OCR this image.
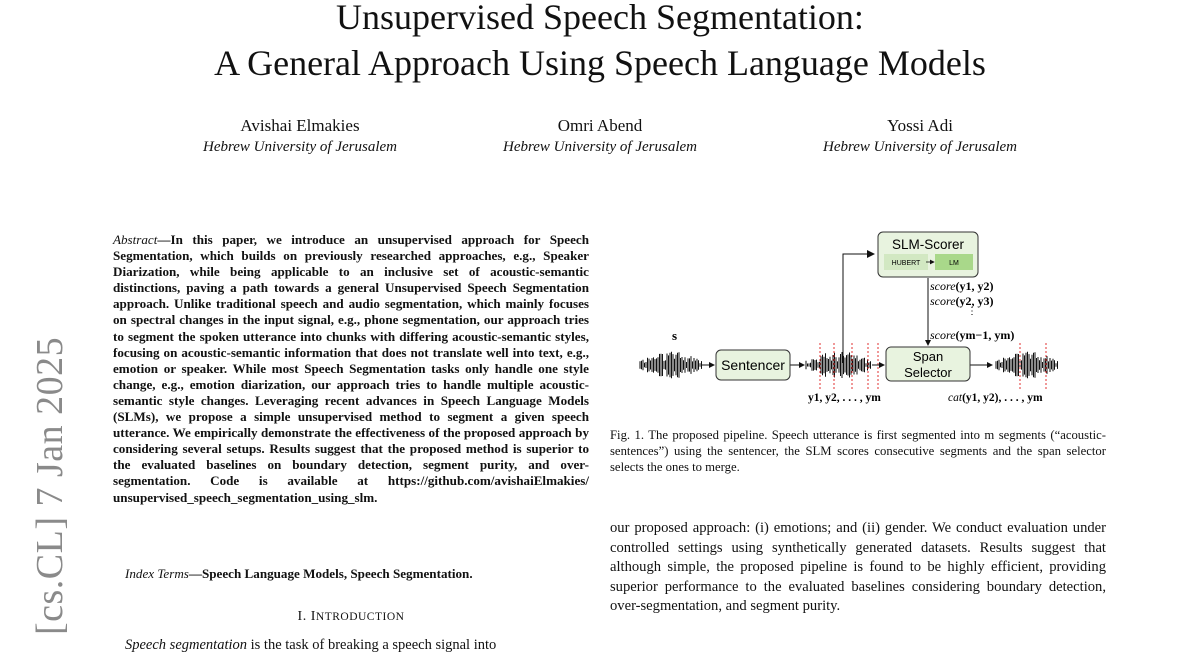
Unsupervised Speech Segmentation:
A General Approach Using Speech Language Models
Avishai Elmakies
Hebrew University of Jerusalem
Omri Abend
Hebrew University of Jerusalem
Yossi Adi
Hebrew University of Jerusalem
[cs.CL] 7 Jan 2025
Abstract—In this paper, we introduce an unsupervised approach for Speech Segmentation, which builds on previously researched approaches, e.g., Speaker Diarization, while being applicable to an inclusive set of acoustic-semantic distinctions, paving a path towards a general Unsupervised Speech Segmentation approach. Unlike traditional speech and audio segmentation, which mainly focuses on spectral changes in the input signal, e.g., phone segmentation, our approach tries to segment the spoken utterance into chunks with differing acoustic-semantic styles, focusing on acoustic-semantic information that does not translate well into text, e.g., emotion or speaker. While most Speech Segmentation tasks only handle one style change, e.g., emotion diarization, our approach tries to handle multiple acoustic-semantic style changes. Leveraging recent advances in Speech Language Models (SLMs), we propose a simple unsupervised method to segment a given speech utterance. We empirically demonstrate the effectiveness of the proposed approach by considering several setups. Results suggest that the proposed method is superior to the evaluated baselines on boundary detection, segment purity, and over-segmentation. Code is available at https://github.com/avishaiElmakies/ unsupervised_speech_segmentation_using_slm.
Index Terms—Speech Language Models, Speech Segmentation.
I. INTRODUCTION
Speech segmentation is the task of breaking a speech signal into
s
Sentencer
SLM-Scorer
HUBERT	LM
Span
Selector
score(y1, y2)
score(y2, y3)
⋮
score(ym−1, ym)
y1, y2, . . . , ym	cat(y1, y2), . . . , ym
Fig. 1. The proposed pipeline. Speech utterance is first segmented into m segments (“acoustic-sentences”) using the sentencer, the SLM scores consecutive segments and the span selector selects the ones to merge.
our proposed approach: (i) emotions; and (ii) gender. We conduct evaluation under controlled settings using synthetically generated datasets. Results suggest that although simple, the proposed pipeline is found to be highly efficient, providing superior performance to the evaluated baselines considering boundary detection, over-segmentation, and segment purity.
